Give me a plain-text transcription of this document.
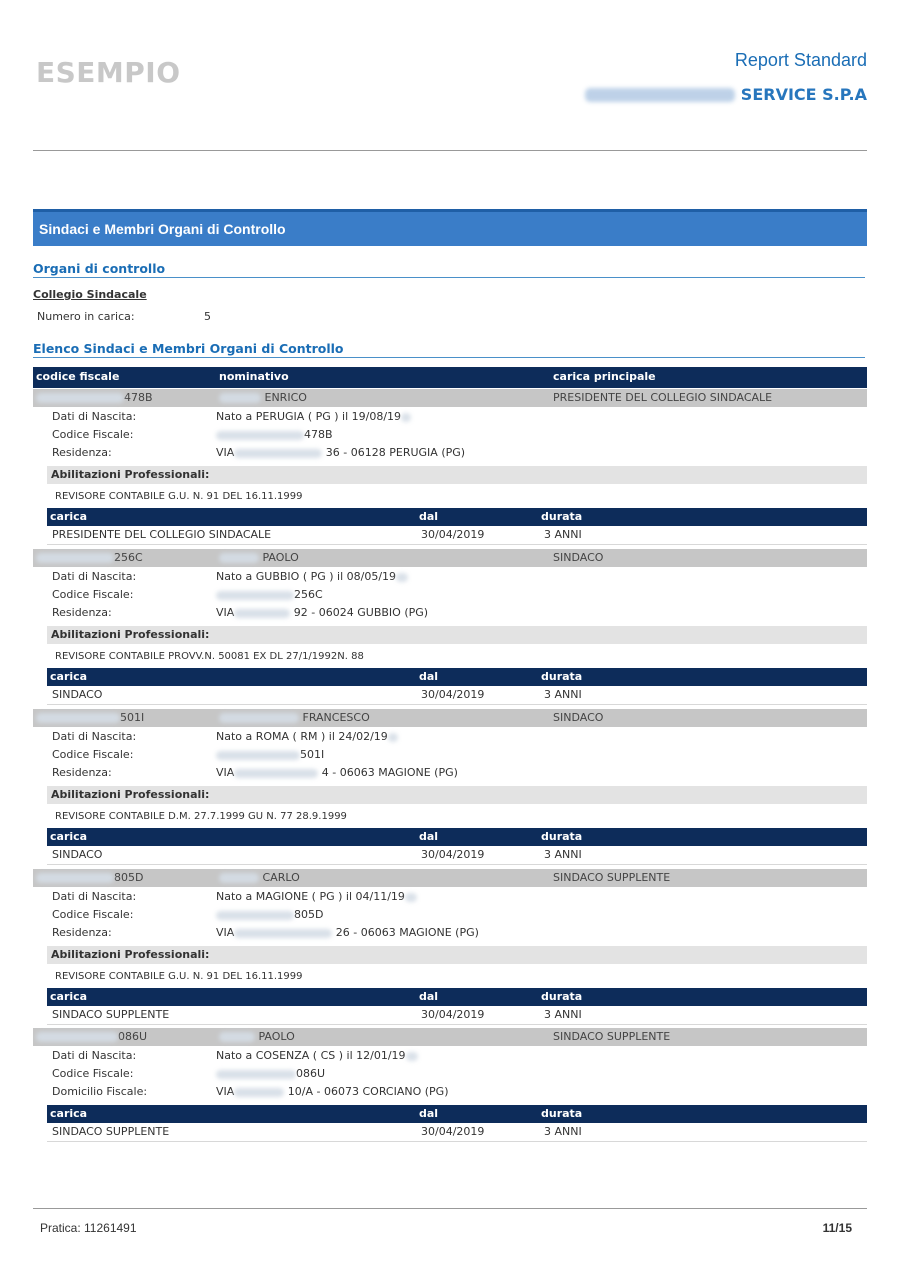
ESEMPIO	Report Standard
SERVICE S.P.A
Sindaci e Membri Organi di Controllo
Organi di controllo
Collegio Sindacale
Numero in carica:	5
Elenco Sindaci e Membri Organi di Controllo
codice fiscale	nominativo	carica principale
478B	ENRICO	PRESIDENTE DEL COLLEGIO SINDACALE
Dati di Nascita:	Nato a PERUGIA ( PG ) il 19/08/19
Codice Fiscale:	478B
Residenza:	VIA	36 - 06128 PERUGIA (PG)
Abilitazioni Professionali:
REVISORE CONTABILE G.U. N. 91 DEL 16.11.1999
carica	dal	durata
PRESIDENTE DEL COLLEGIO SINDACALE	30/04/2019	3 ANNI
256C	PAOLO	SINDACO
Dati di Nascita:	Nato a GUBBIO ( PG ) il 08/05/19
Codice Fiscale:	256C
Residenza:	VIA	92 - 06024 GUBBIO (PG)
Abilitazioni Professionali:
REVISORE CONTABILE PROVV.N. 50081 EX DL 27/1/1992N. 88
carica	dal	durata
SINDACO	30/04/2019	3 ANNI
501I	FRANCESCO	SINDACO
Dati di Nascita:	Nato a ROMA ( RM ) il 24/02/19
Codice Fiscale:	501I
Residenza:	VIA	4 - 06063 MAGIONE (PG)
Abilitazioni Professionali:
REVISORE CONTABILE D.M. 27.7.1999 GU N. 77 28.9.1999
carica	dal	durata
SINDACO	30/04/2019	3 ANNI
805D	CARLO	SINDACO SUPPLENTE
Dati di Nascita:	Nato a MAGIONE ( PG ) il 04/11/19
Codice Fiscale:	805D
Residenza:	VIA	26 - 06063 MAGIONE (PG)
Abilitazioni Professionali:
REVISORE CONTABILE G.U. N. 91 DEL 16.11.1999
carica	dal	durata
SINDACO SUPPLENTE	30/04/2019	3 ANNI
086U	PAOLO	SINDACO SUPPLENTE
Dati di Nascita:	Nato a COSENZA ( CS ) il 12/01/19
Codice Fiscale:	086U
Domicilio Fiscale:	VIA	10/A - 06073 CORCIANO (PG)
carica	dal	durata
SINDACO SUPPLENTE	30/04/2019	3 ANNI
Pratica: 11261491	11/15
